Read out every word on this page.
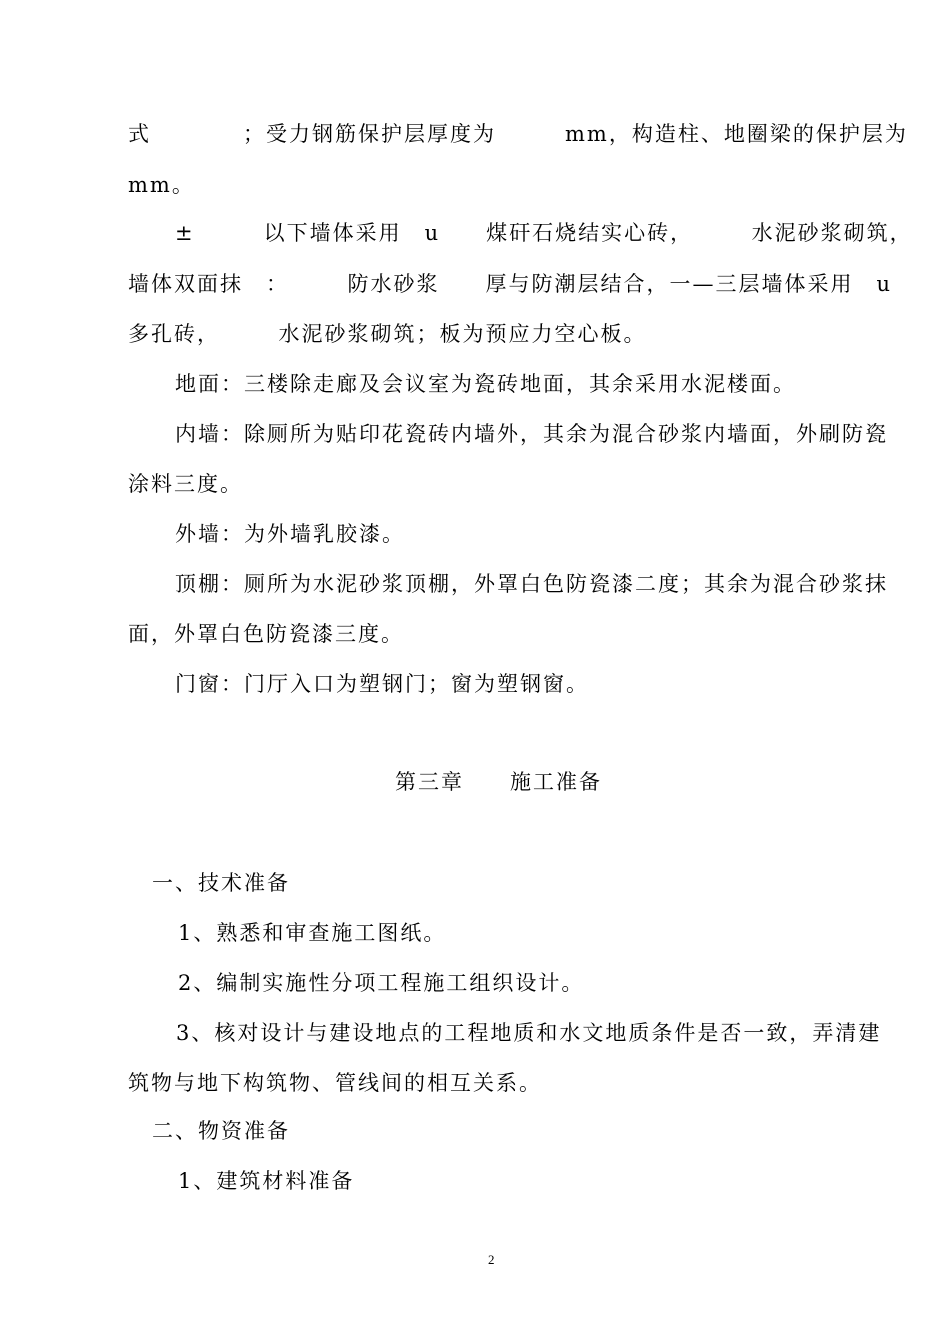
式　　　　；受力钢筋保护层厚度为　　　mm，构造柱、地圈梁的保护层为
mm。
±　　　以下墙体采用　u　　煤矸石烧结实心砖，　　　水泥砂浆砌筑，
墙体双面抹　：　　　防水砂浆　　厚与防潮层结合，一—三层墙体采用　u
多孔砖，　　　水泥砂浆砌筑；板为预应力空心板。
地面：三楼除走廊及会议室为瓷砖地面，其余采用水泥楼面。
内墙：除厕所为贴印花瓷砖内墙外，其余为混合砂浆内墙面，外刷防瓷
涂料三度。
外墙：为外墙乳胶漆。
顶棚：厕所为水泥砂浆顶棚，外罩白色防瓷漆二度；其余为混合砂浆抹
面，外罩白色防瓷漆三度。
门窗：门厅入口为塑钢门；窗为塑钢窗。
第三章　　施工准备
一、技术准备
1、熟悉和审查施工图纸。
2、编制实施性分项工程施工组织设计。
3、核对设计与建设地点的工程地质和水文地质条件是否一致，弄清建
筑物与地下构筑物、管线间的相互关系。
二、物资准备
1、建筑材料准备
2
